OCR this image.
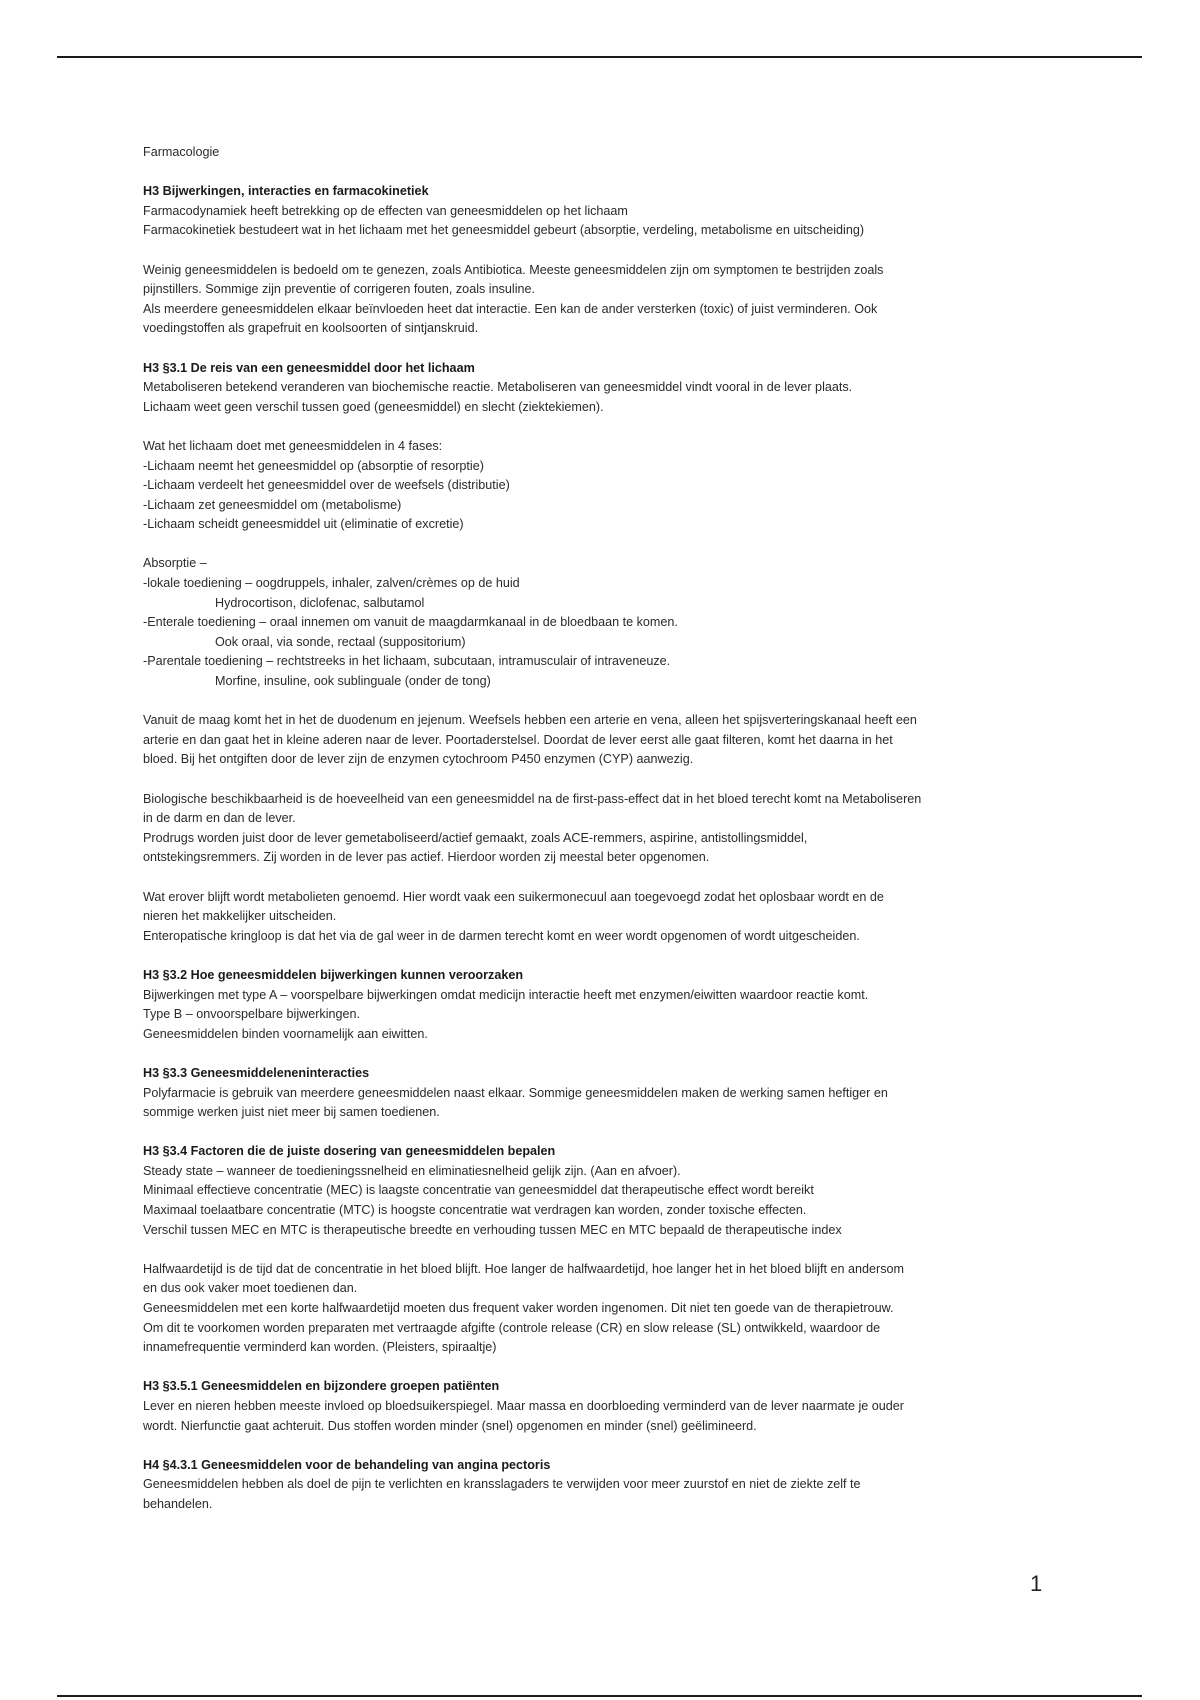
Farmacologie

H3 Bijwerkingen, interacties en farmacokinetiek

Farmacodynamiek heeft betrekking op de effecten van geneesmiddelen op het lichaam

Farmacokinetiek bestudeert wat in het lichaam met het geneesmiddel gebeurt (absorptie, verdeling, metabolisme en uitscheiding)

Weinig geneesmiddelen is bedoeld om te genezen, zoals Antibiotica. Meeste geneesmiddelen zijn om symptomen te bestrijden zoals

pijnstillers. Sommige zijn preventie of corrigeren fouten, zoals insuline.

Als meerdere geneesmiddelen elkaar beïnvloeden heet dat interactie. Een kan de ander versterken (toxic) of juist verminderen. Ook

voedingstoffen als grapefruit en koolsoorten of sintjanskruid.

H3 §3.1 De reis van een geneesmiddel door het lichaam

Metaboliseren betekend veranderen van biochemische reactie. Metaboliseren van geneesmiddel vindt vooral in de lever plaats.

Lichaam weet geen verschil tussen goed (geneesmiddel) en slecht (ziektekiemen).

Wat het lichaam doet met geneesmiddelen in 4 fases:

-Lichaam neemt het geneesmiddel op (absorptie of resorptie)

-Lichaam verdeelt het geneesmiddel over de weefsels (distributie)

-Lichaam zet geneesmiddel om (metabolisme)

-Lichaam scheidt geneesmiddel uit (eliminatie of excretie)

Absorptie –

-lokale toediening – oogdruppels, inhaler, zalven/crèmes op de huid

Hydrocortison, diclofenac, salbutamol

-Enterale toediening – oraal innemen om vanuit de maagdarmkanaal in de bloedbaan te komen.

Ook oraal, via sonde, rectaal (suppositorium)

-Parentale toediening – rechtstreeks in het lichaam, subcutaan, intramusculair of intraveneuze.

Morfine, insuline, ook sublinguale (onder de tong)

Vanuit de maag komt het in het de duodenum en jejenum. Weefsels hebben een arterie en vena, alleen het spijsverteringskanaal heeft een

arterie en dan gaat het in kleine aderen naar de lever. Poortaderstelsel. Doordat de lever eerst alle gaat filteren, komt het daarna in het

bloed. Bij het ontgiften door de lever zijn de enzymen cytochroom P450 enzymen (CYP) aanwezig.

Biologische beschikbaarheid is de hoeveelheid van een geneesmiddel na de first-pass-effect dat in het bloed terecht komt na Metaboliseren

in de darm en dan de lever.

Prodrugs worden juist door de lever gemetaboliseerd/actief gemaakt, zoals ACE-remmers, aspirine, antistollingsmiddel,

ontstekingsremmers. Zij worden in de lever pas actief. Hierdoor worden zij meestal beter opgenomen.

Wat erover blijft wordt metabolieten genoemd. Hier wordt vaak een suikermonecuul aan toegevoegd zodat het oplosbaar wordt en de

nieren het makkelijker uitscheiden.

Enteropatische kringloop is dat het via de gal weer in de darmen terecht komt en weer wordt opgenomen of wordt uitgescheiden.

H3 §3.2 Hoe geneesmiddelen bijwerkingen kunnen veroorzaken

Bijwerkingen met type A – voorspelbare bijwerkingen omdat medicijn interactie heeft met enzymen/eiwitten waardoor reactie komt.

Type B – onvoorspelbare bijwerkingen.

Geneesmiddelen binden voornamelijk aan eiwitten.

H3 §3.3 Geneesmiddeleneninteracties

Polyfarmacie is gebruik van meerdere geneesmiddelen naast elkaar. Sommige geneesmiddelen maken de werking samen heftiger en

sommige werken juist niet meer bij samen toedienen.

H3 §3.4 Factoren die de juiste dosering van geneesmiddelen bepalen

Steady state – wanneer de toedieningssnelheid en eliminatiesnelheid gelijk zijn. (Aan en afvoer).

Minimaal effectieve concentratie (MEC) is laagste concentratie van geneesmiddel dat therapeutische effect wordt bereikt

Maximaal toelaatbare concentratie (MTC) is hoogste concentratie wat verdragen kan worden, zonder toxische effecten.

Verschil tussen MEC en MTC is therapeutische breedte en verhouding tussen MEC en MTC bepaald de therapeutische index

Halfwaardetijd is de tijd dat de concentratie in het bloed blijft. Hoe langer de halfwaardetijd, hoe langer het in het bloed blijft en andersom

en dus ook vaker moet toedienen dan.

Geneesmiddelen met een korte halfwaardetijd moeten dus frequent vaker worden ingenomen. Dit niet ten goede van de therapietrouw.

Om dit te voorkomen worden preparaten met vertraagde afgifte (controle release (CR) en slow release (SL) ontwikkeld, waardoor de

innamefrequentie verminderd kan worden. (Pleisters, spiraaltje)

H3 §3.5.1 Geneesmiddelen en bijzondere groepen patiënten

Lever en nieren hebben meeste invloed op bloedsuikerspiegel. Maar massa en doorbloeding verminderd van de lever naarmate je ouder

wordt. Nierfunctie gaat achteruit. Dus stoffen worden minder (snel) opgenomen en minder (snel) geëlimineerd.

H4 §4.3.1 Geneesmiddelen voor de behandeling van angina pectoris

Geneesmiddelen hebben als doel de pijn te verlichten en kransslagaders te verwijden voor meer zuurstof en niet de ziekte zelf te

behandelen.

1
